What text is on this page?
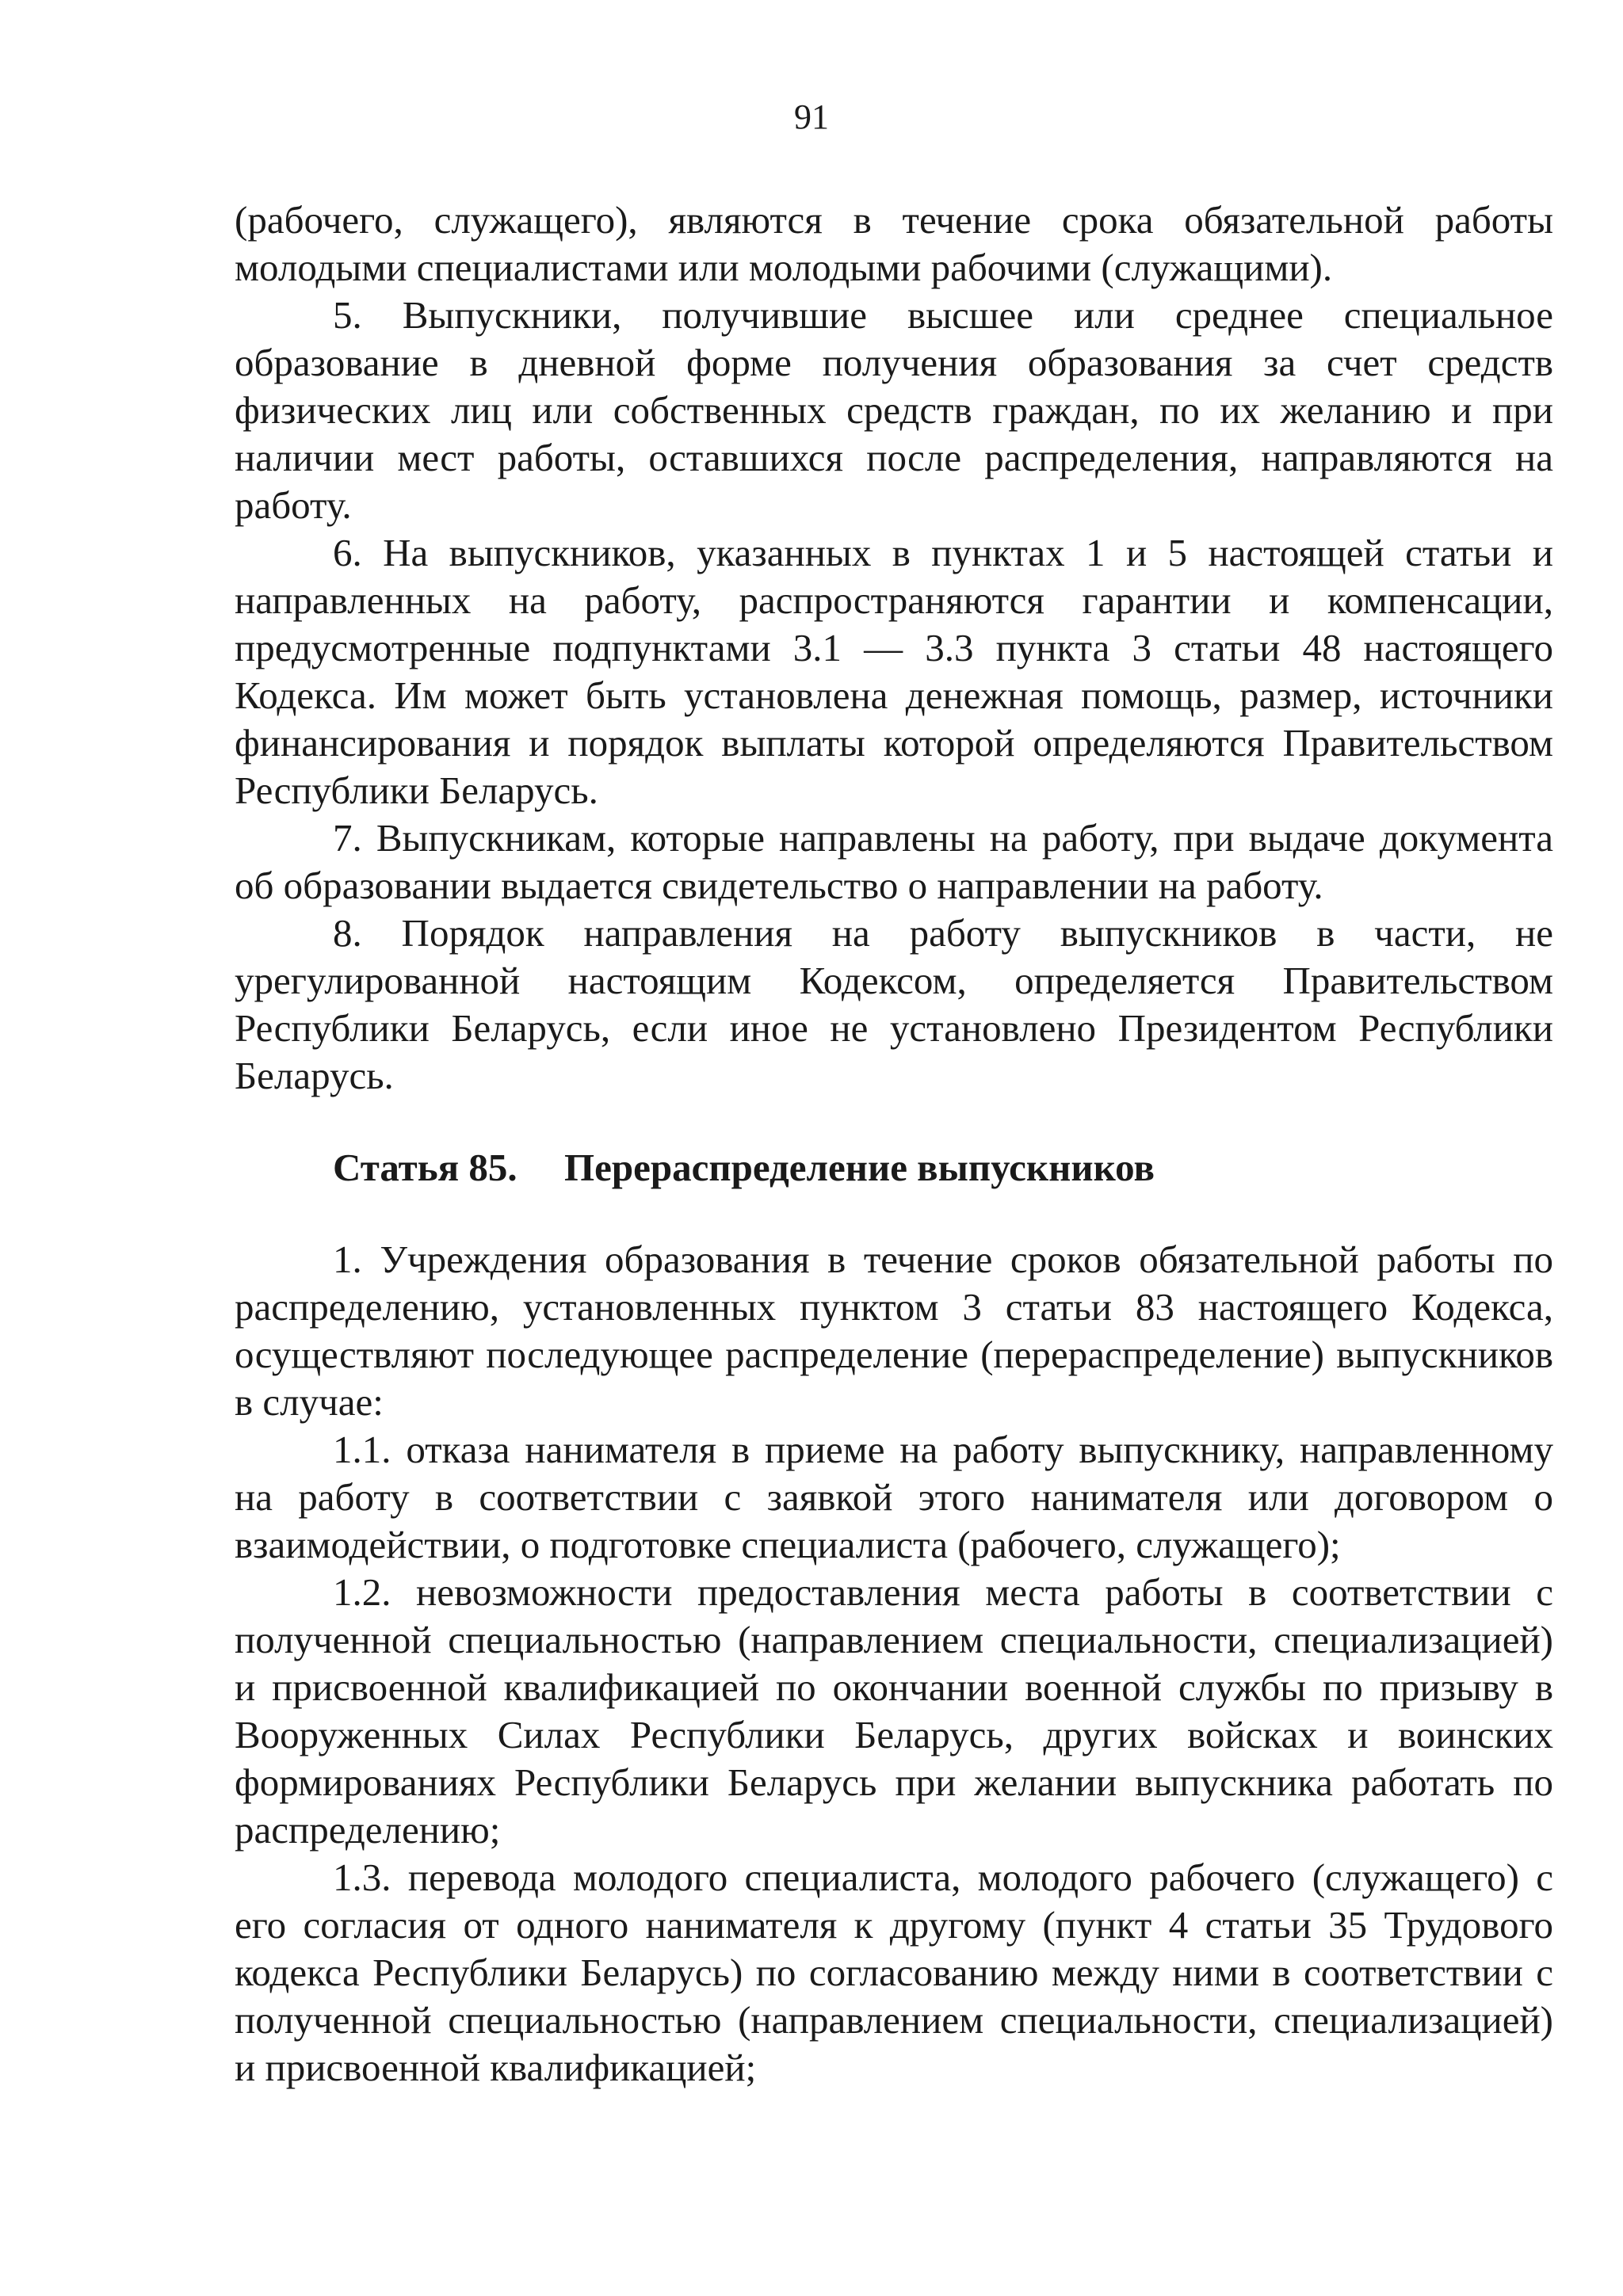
91

(рабочего, служащего), являются в течение срока обязательной работы молодыми специалистами или молодыми рабочими (служащими).

5. Выпускники, получившие высшее или среднее специальное образование в дневной форме получения образования за счет средств физических лиц или собственных средств граждан, по их желанию и при наличии мест работы, оставшихся после распределения, направляются на работу.

6. На выпускников, указанных в пунктах 1 и 5 настоящей статьи и направленных на работу, распространяются гарантии и компенсации, предусмотренные подпунктами 3.1 — 3.3 пункта 3 статьи 48 настоящего Кодекса. Им может быть установлена денежная помощь, размер, источники финансирования и порядок выплаты которой определяются Правительством Республики Беларусь.

7. Выпускникам, которые направлены на работу, при выдаче документа об образовании выдается свидетельство о направлении на работу.

8. Порядок направления на работу выпускников в части, не урегулированной настоящим Кодексом, определяется Правительством Республики Беларусь, если иное не установлено Президентом Республики Беларусь.

Статья 85. Перераспределение выпускников

1. Учреждения образования в течение сроков обязательной работы по распределению, установленных пунктом 3 статьи 83 настоящего Кодекса, осуществляют последующее распределение (перераспределение) выпускников в случае:

1.1. отказа нанимателя в приеме на работу выпускнику, направленному на работу в соответствии с заявкой этого нанимателя или договором о взаимодействии, о подготовке специалиста (рабочего, служащего);

1.2. невозможности предоставления места работы в соответствии с полученной специальностью (направлением специальности, специализацией) и присвоенной квалификацией по окончании военной службы по призыву в Вооруженных Силах Республики Беларусь, других войсках и воинских формированиях Республики Беларусь при желании выпускника работать по распределению;

1.3. перевода молодого специалиста, молодого рабочего (служащего) с его согласия от одного нанимателя к другому (пункт 4 статьи 35 Трудового кодекса Республики Беларусь) по согласованию между ними в соответствии с полученной специальностью (направлением специальности, специализацией) и присвоенной квалификацией;
